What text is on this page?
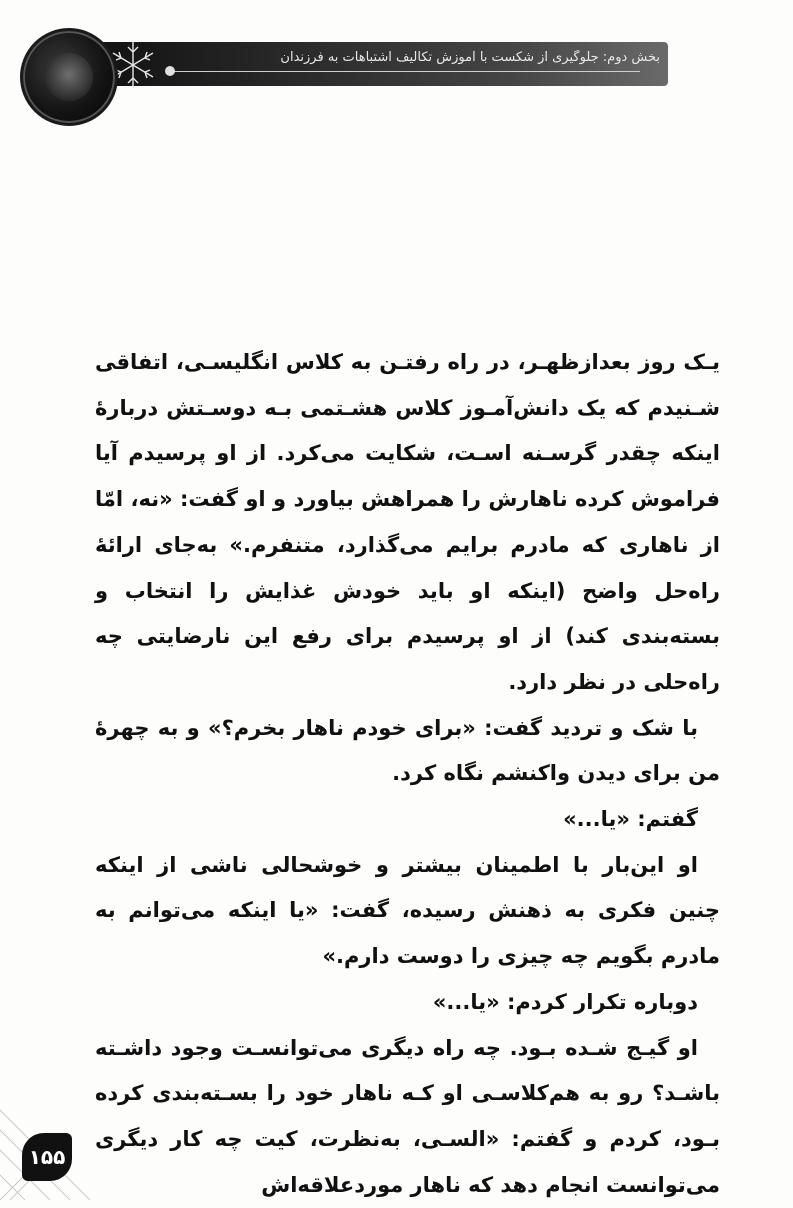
بخش دوم: جلوگیری از شکست با آموزش تکالیف اشتباهات به فرزندان

یـک روز بعدازظهـر، در راه رفتـن به کلاس انگلیسـی، اتفاقی شـنیدم که یک دانش‌آمـوز کلاس هشـتمی بـه دوسـتش دربارهٔ اینکه چقدر گرسـنه اسـت، شکایت می‌کرد. از او پرسیدم آیا فراموش کرده ناهارش را همراهش بیاورد و او گفت: «نه، امّا از ناهاری که مادرم برایم می‌گذارد، متنفرم.» به‌جای ارائهٔ راه‌حل واضح (اینکه او باید خودش غذایش را انتخاب و بسته‌بندی کند) از او پرسیدم برای رفع این نارضایتی چه راه‌حلی در نظر دارد.

با شک و تردید گفت: «برای خودم ناهار بخرم؟» و به چهرهٔ من برای دیدن واکنشم نگاه کرد.

گفتم: «یا...»

او این‌بار با اطمینان بیشتر و خوشحالی ناشی از اینکه چنین فکری به ذهنش رسیده، گفت: «یا اینکه می‌توانم به مادرم بگویم چه چیزی را دوست دارم.»

دوباره تکرار کردم: «یا...»

او گیـج شـده بـود. چه راه دیگری می‌توانسـت وجود داشـته باشـد؟ رو به هم‌کلاسـی او کـه ناهار خود را بسـته‌بندی کرده بـود، کردم و گفتم: «السـی، به‌نظرت، کیت چه کار دیگری می‌توانست انجام دهد که ناهار موردعلاقه‌اش

۱۵۵
